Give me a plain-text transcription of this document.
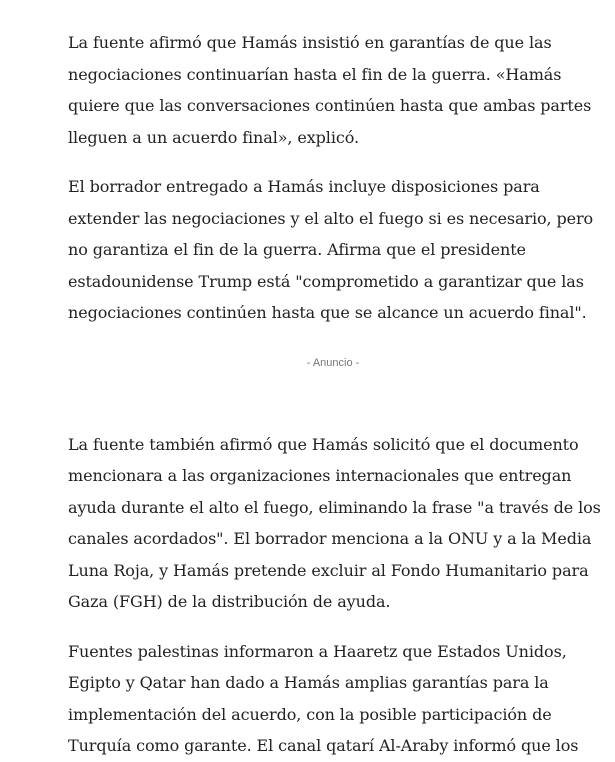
La fuente afirmó que Hamás insistió en garantías de que las
negociaciones continuarían hasta el fin de la guerra. «Hamás
quiere que las conversaciones continúen hasta que ambas partes
lleguen a un acuerdo final», explicó.

El borrador entregado a Hamás incluye disposiciones para
extender las negociaciones y el alto el fuego si es necesario, pero
no garantiza el fin de la guerra. Afirma que el presidente
estadounidense Trump está "comprometido a garantizar que las
negociaciones continúen hasta que se alcance un acuerdo final".

- Anuncio -

La fuente también afirmó que Hamás solicitó que el documento
mencionara a las organizaciones internacionales que entregan
ayuda durante el alto el fuego, eliminando la frase "a través de los
canales acordados". El borrador menciona a la ONU y a la Media
Luna Roja, y Hamás pretende excluir al Fondo Humanitario para
Gaza (FGH) de la distribución de ayuda.

Fuentes palestinas informaron a Haaretz que Estados Unidos,
Egipto y Qatar han dado a Hamás amplias garantías para la
implementación del acuerdo, con la posible participación de
Turquía como garante. El canal qatarí Al-Araby informó que los
